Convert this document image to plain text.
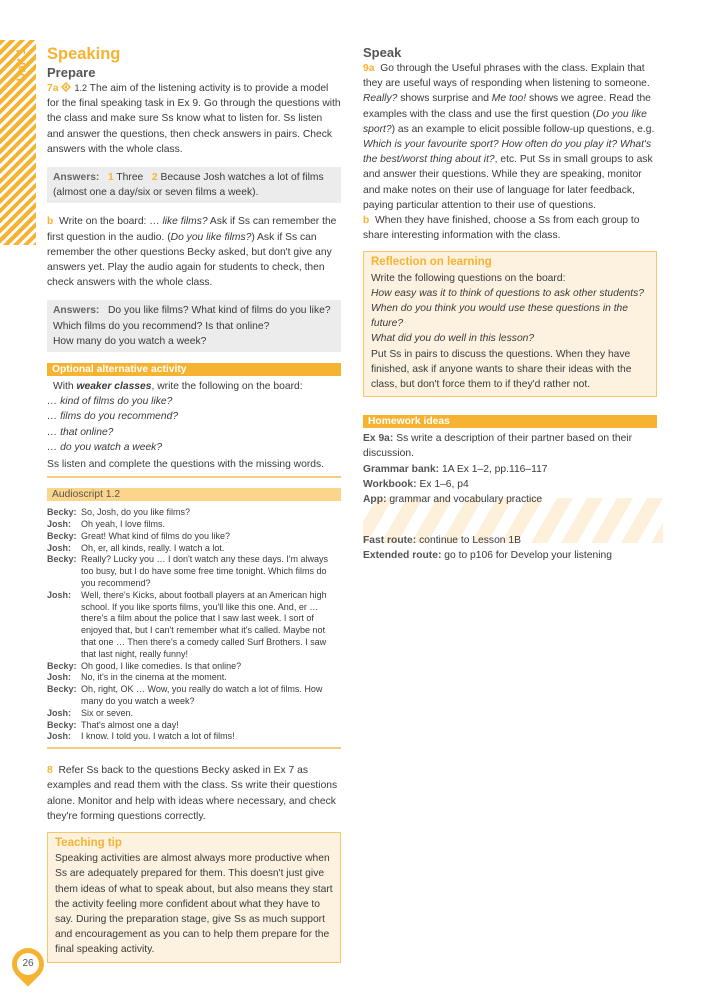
Unit 1 Speaking
Prepare

7a 1.2 The aim of the listening activity is to provide a model for the final speaking task in Ex 9. Go through the questions with the class and make sure Ss know what to listen for. Ss listen and answer the questions, then check answers in pairs. Check answers with the whole class.

Answers: 1 Three 2 Because Josh watches a lot of films (almost one a day/six or seven films a week).

b Write on the board: … like films? Ask if Ss can remember the first question in the audio. (Do you like films?) Ask if Ss can remember the other questions Becky asked, but don't give any answers yet. Play the audio again for students to check, then check answers with the whole class.

Answers: Do you like films? What kind of films do you like?
Which films do you recommend? Is that online?
How many do you watch a week?
Optional alternative activity

With weaker classes, write the following on the board:

… kind of films do you like?

… films do you recommend?

… that online?

… do you watch a week?

Ss listen and complete the questions with the missing words.

Audioscript 1.2
Becky:	So, Josh, do you like films?
Josh:	Oh yeah, I love films.
Becky:	Great! What kind of films do you like?
Josh:	Oh, er, all kinds, really. I watch a lot.
Becky:	Really? Lucky you … I don't watch any these days. I'm always too busy, but I do have some free time tonight. Which films do you recommend?
Josh:	Well, there's Kicks, about football players at an American high school. If you like sports films, you'll like this one. And, er … there's a film about the police that I saw last week. I sort of enjoyed that, but I can't remember what it's called. Maybe not that one … Then there's a comedy called Surf Brothers. I saw that last night, really funny!
Becky:	Oh good, I like comedies. Is that online?
Josh:	No, it's in the cinema at the moment.
Becky:	Oh, right, OK … Wow, you really do watch a lot of films. How many do you watch a week?
Josh:	Six or seven.
Becky:	That's almost one a day!
Josh:	I know. I told you. I watch a lot of films!

8 Refer Ss back to the questions Becky asked in Ex 7 as examples and read them with the class. Ss write their questions alone. Monitor and help with ideas where necessary, and check they're forming questions correctly.

Teaching tip

Speaking activities are almost always more productive when Ss are adequately prepared for them. This doesn't just give them ideas of what to speak about, but also means they start the activity feeling more confident about what they have to say. During the preparation stage, give Ss as much support and encouragement as you can to help them prepare for the final speaking activity.

Speak

9a Go through the Useful phrases with the class. Explain that they are useful ways of responding when listening to someone. Really? shows surprise and Me too! shows we agree. Read the examples with the class and use the first question (Do you like sport?) as an example to elicit possible follow-up questions, e.g. Which is your favourite sport? How often do you play it? What's the best/worst thing about it?, etc. Put Ss in small groups to ask and answer their questions. While they are speaking, monitor and make notes on their use of language for later feedback, paying particular attention to their use of questions.

b When they have finished, choose a Ss from each group to share interesting information with the class.

Reflection on learning

Write the following questions on the board:

How easy was it to think of questions to ask other students?

When do you think you would use these questions in the future?

What did you do well in this lesson?

Put Ss in pairs to discuss the questions. When they have finished, ask if anyone wants to share their ideas with the class, but don't force them to if they'd rather not.

Homework ideas

Ex 9a: Ss write a description of their partner based on their discussion.

Grammar bank: 1A Ex 1–2, pp.116–117

Workbook: Ex 1–6, p4

App: grammar and vocabulary practice

Fast route: continue to Lesson 1B

Extended route: go to p106 for Develop your listening

26
